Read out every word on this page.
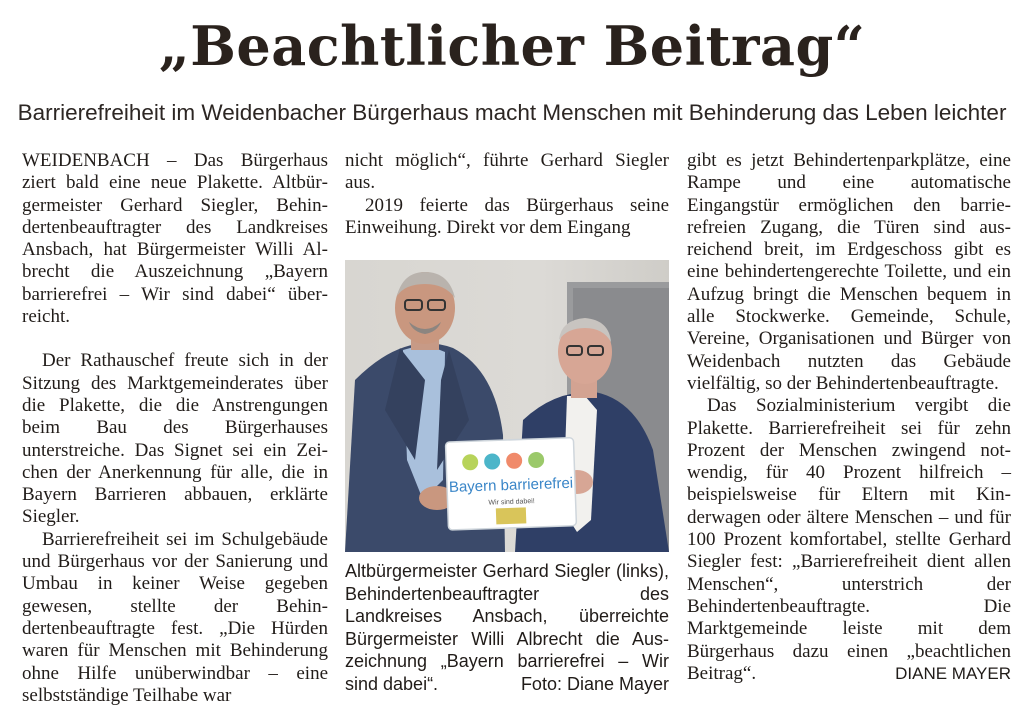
„Beachtlicher Beitrag“
Barrierefreiheit im Weidenbacher Bürgerhaus macht Menschen mit Behinderung das Leben leichter

WEIDENBACH – Das Bürgerhaus ziert bald eine neue Plakette. Altbürgermeister Gerhard Siegler, Behindertenbeauftragter des Landkreises Ansbach, hat Bürgermeister Willi Albrecht die Auszeichnung „Bayern barrierefrei – Wir sind dabei“ überreicht.

Der Rathauschef freute sich in der Sitzung des Marktgemeinderates über die Plakette, die die Anstrengungen beim Bau des Bürgerhauses unterstreiche. Das Signet sei ein Zeichen der Anerkennung für alle, die in Bayern Barrieren abbauen, erklärte Siegler.

Barrierefreiheit sei im Schulgebäude und Bürgerhaus vor der Sanierung und Umbau in keiner Weise gegeben gewesen, stellte der Behindertenbeauftragte fest. „Die Hürden waren für Menschen mit Behinderung ohne Hilfe unüberwindbar – eine selbstständige Teilhabe war

nicht möglich“, führte Gerhard Siegler aus.

2019 feierte das Bürgerhaus seine Einweihung. Direkt vor dem Eingang

Bayern barrierefrei
Wir sind dabei!
Altbürgermeister Gerhard Siegler (links), Behindertenbeauftragter des Landkreises Ansbach, überreichte Bürgermeister Willi Albrecht die Auszeichnung „Bayern barrierefrei – Wir sind dabei“.	Foto: Diane Mayer

gibt es jetzt Behindertenparkplätze, eine Rampe und eine automatische Eingangstür ermöglichen den barrierefreien Zugang, die Türen sind ausreichend breit, im Erdgeschoss gibt es eine behindertengerechte Toilette, und ein Aufzug bringt die Menschen bequem in alle Stockwerke. Gemeinde, Schule, Vereine, Organisationen und Bürger von Weidenbach nutzten das Gebäude vielfältig, so der Behindertenbeauftragte.

Das Sozialministerium vergibt die Plakette. Barrierefreiheit sei für zehn Prozent der Menschen zwingend notwendig, für 40 Prozent hilfreich – beispielsweise für Eltern mit Kinderwagen oder ältere Menschen – und für 100 Prozent komfortabel, stellte Gerhard Siegler fest: „Barrierefreiheit dient allen Menschen“, unterstrich der Behindertenbeauftragte. Die Marktgemeinde leiste mit dem Bürgerhaus dazu einen „beachtlichen Beitrag“.	DIANE MAYER
